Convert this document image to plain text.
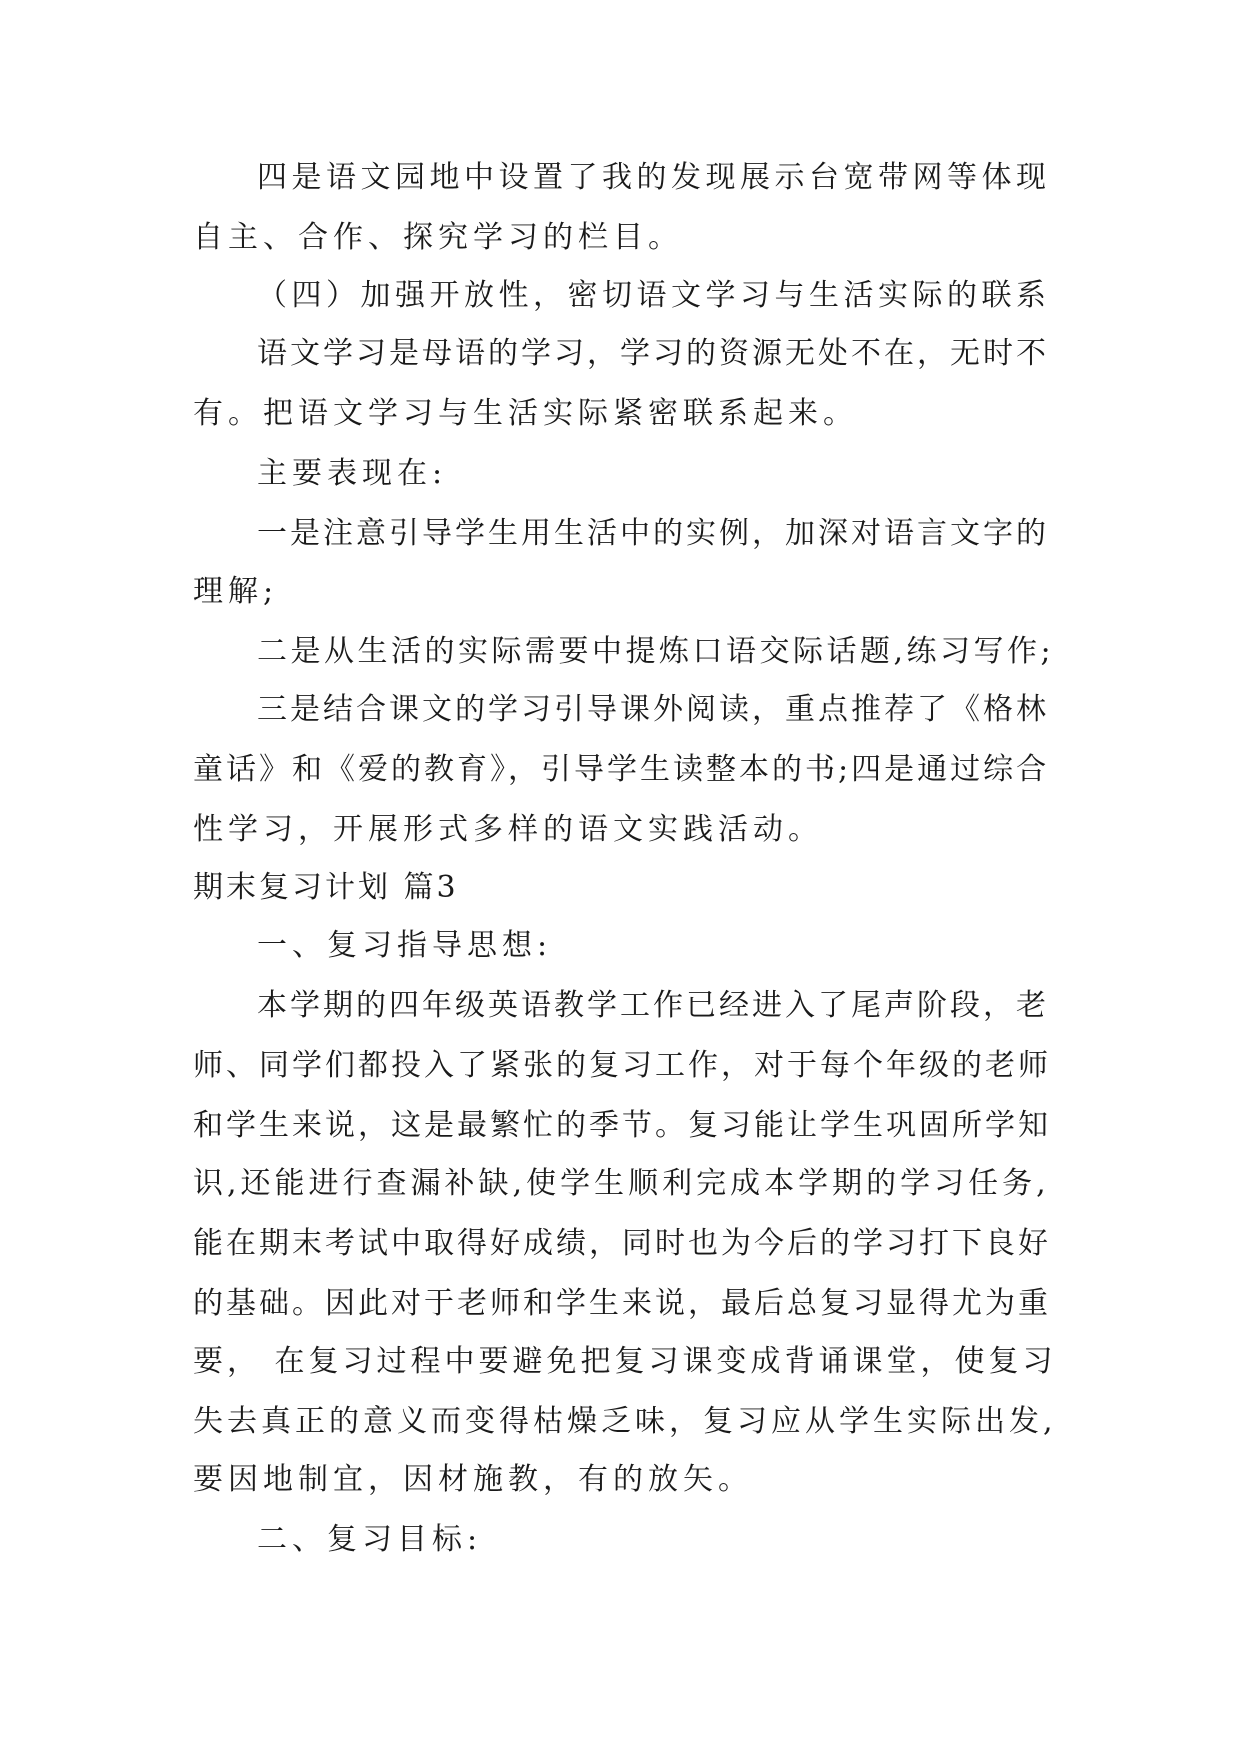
四是语文园地中设置了我的发现展示台宽带网等体现
自主、合作、探究学习的栏目。
（四）加强开放性，密切语文学习与生活实际的联系
语文学习是母语的学习，学习的资源无处不在，无时不
有。把语文学习与生活实际紧密联系起来。
主要表现在:
一是注意引导学生用生活中的实例，加深对语言文字的
理解;
二是从生活的实际需要中提炼口语交际话题,练习写作;
三是结合课文的学习引导课外阅读，重点推荐了《格林
童话》和《爱的教育》，引导学生读整本的书;四是通过综合
性学习，开展形式多样的语文实践活动。
期末复习计划 篇3
一、复习指导思想:
本学期的四年级英语教学工作已经进入了尾声阶段，老
师、同学们都投入了紧张的复习工作，对于每个年级的老师
和学生来说，这是最繁忙的季节。复习能让学生巩固所学知
识,还能进行查漏补缺,使学生顺利完成本学期的学习任务,
能在期末考试中取得好成绩，同时也为今后的学习打下良好
的基础。因此对于老师和学生来说，最后总复习显得尤为重
要， 在复习过程中要避免把复习课变成背诵课堂，使复习
失去真正的意义而变得枯燥乏味，复习应从学生实际出发,
要因地制宜，因材施教，有的放矢。
二、复习目标:
